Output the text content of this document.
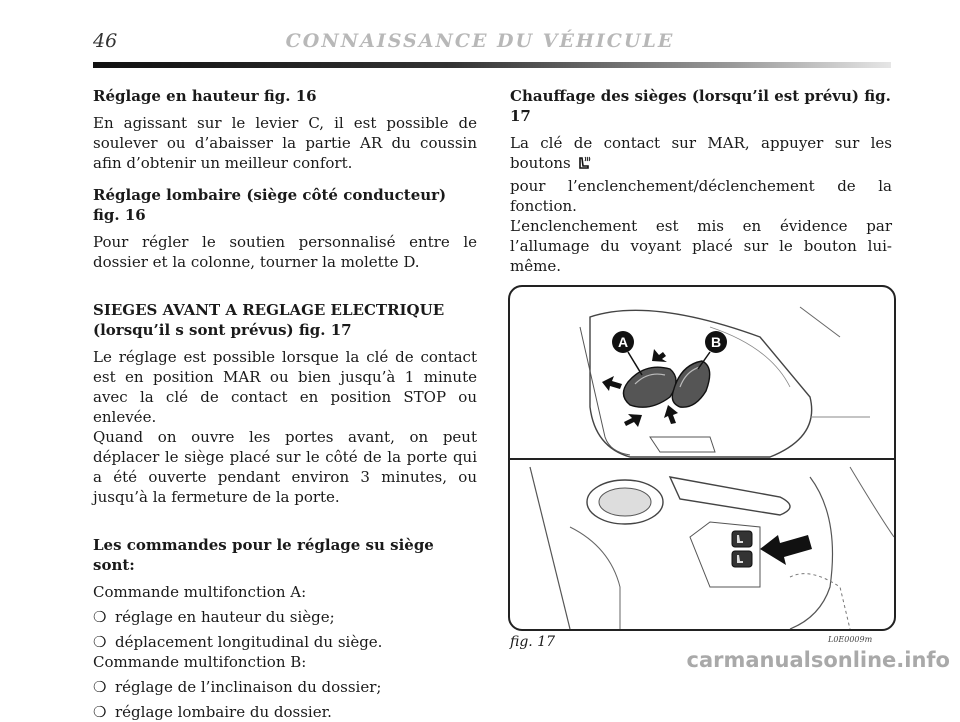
46	CONNAISSANCE DU VÉHICULE
Réglage en hauteur fig. 16

En agissant sur le levier C, il est possible de soulever ou d’abaisser la partie AR du coussin afin d’obtenir un meilleur confort.

Réglage lombaire (siège côté conducteur) fig. 16

Pour régler le soutien personnalisé entre le dossier et la colonne, tourner la molette D.

SIEGES AVANT A REGLAGE ELECTRIQUE
(lorsqu’il s sont prévus) fig. 17

Le réglage est possible lorsque la clé de contact est en position MAR ou bien jusqu’à 1 minute avec la clé de contact en position STOP ou enlevée.

Quand on ouvre les portes avant, on peut déplacer le siège placé sur le côté de la porte qui a été ouverte pendant environ 3 minutes, ou jusqu’à la fermeture de la porte.

Les commandes pour le réglage su siège sont:

Commande multifonction A:

❍ réglage en hauteur du siège;
❍ déplacement longitudinal du siège.

Commande multifonction B:

❍ réglage de l’inclinaison du dossier;
❍ réglage lombaire du dossier.
Chauffage des sièges (lorsqu’il est prévu) fig. 17

La clé de contact sur MAR, appuyer sur les boutons
pour l’enclenchement/déclenchement de la fonction.

L’enclenchement est mis en évidence par l’allumage du voyant placé sur le bouton lui-même.

A	B
fig. 17	L0E0009m
carmanualsonline.info
